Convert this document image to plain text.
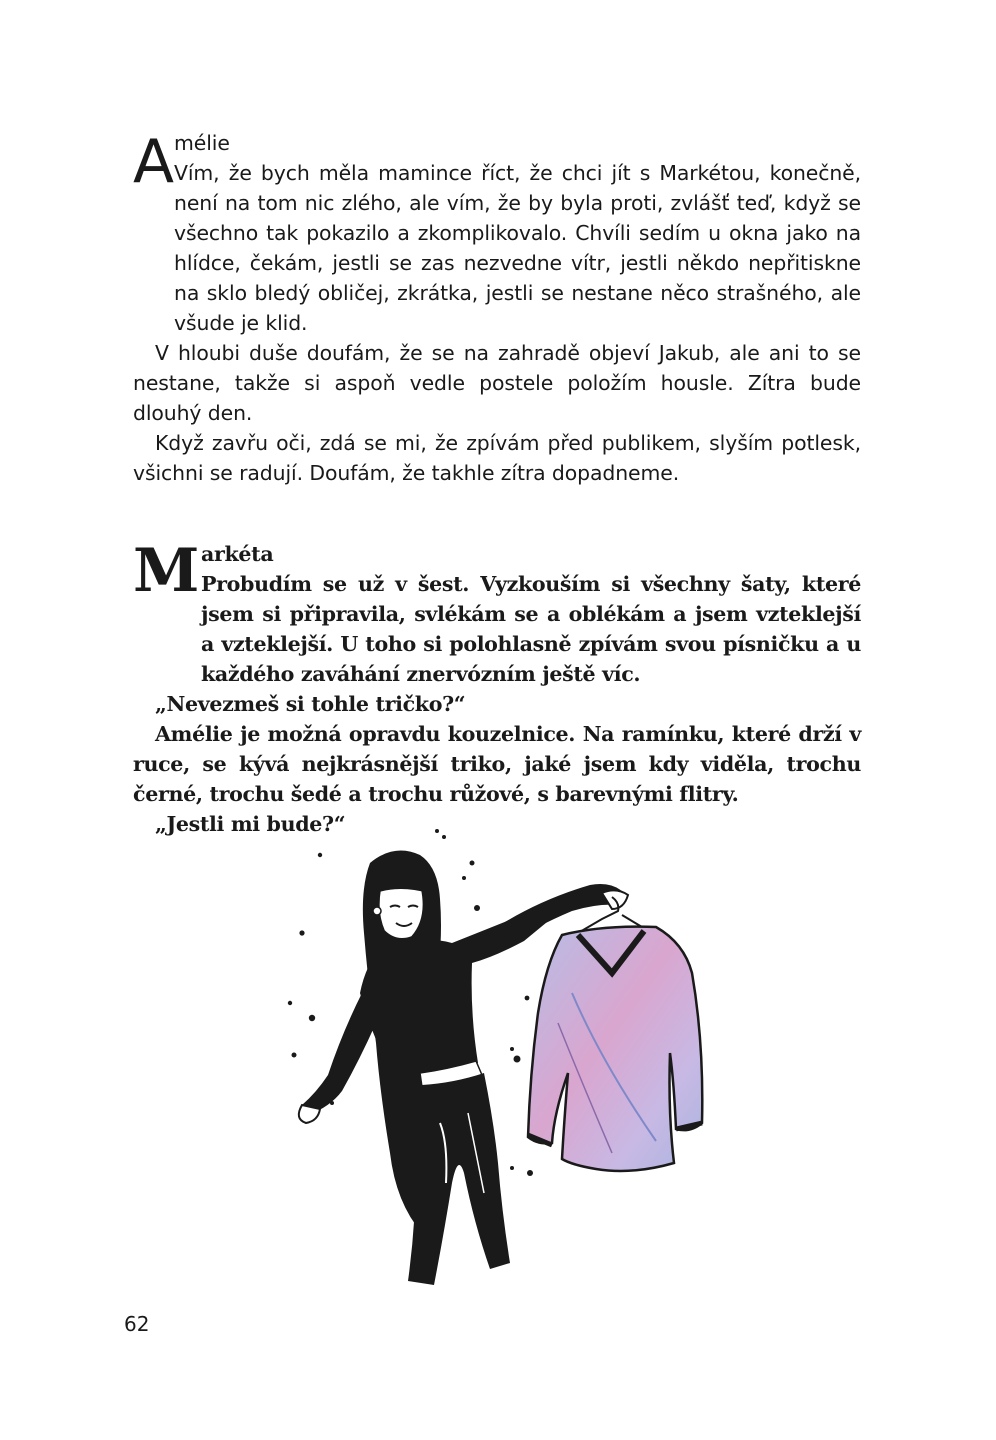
A mélie

Vím, že bych měla mamince říct, že chci jít s Markétou, konečně, není na tom nic zlého, ale vím, že by byla proti, zvlášť teď, když se všechno tak pokazilo a zkomplikovalo. Chvíli sedím u okna jako na hlídce, čekám, jestli se zas nezvedne vítr, jestli někdo nepřitiskne na sklo bledý obličej, zkrátka, jestli se nestane něco strašného, ale všude je klid.

V hloubi duše doufám, že se na zahradě objeví Jakub, ale ani to se nestane, takže si aspoň vedle postele položím housle. Zítra bude dlouhý den.

Když zavřu oči, zdá se mi, že zpívám před publikem, slyším potlesk, všichni se radují. Doufám, že takhle zítra dopadneme.

M arkéta

Probudím se už v šest. Vyzkouším si všechny šaty, které jsem si připravila, svlékám se a oblékám a jsem vzteklejší a vzteklejší. U toho si polohlasně zpívám svou písničku a u každého zaváhání znervózním ještě víc.

„Nevezmeš si tohle tričko?“

Amélie je možná opravdu kouzelnice. Na ramínku, které drží v ruce, se kývá nejkrásnější triko, jaké jsem kdy viděla, trochu černé, trochu šedé a trochu růžové, s barevnými flitry.

„Jestli mi bude?“

62
